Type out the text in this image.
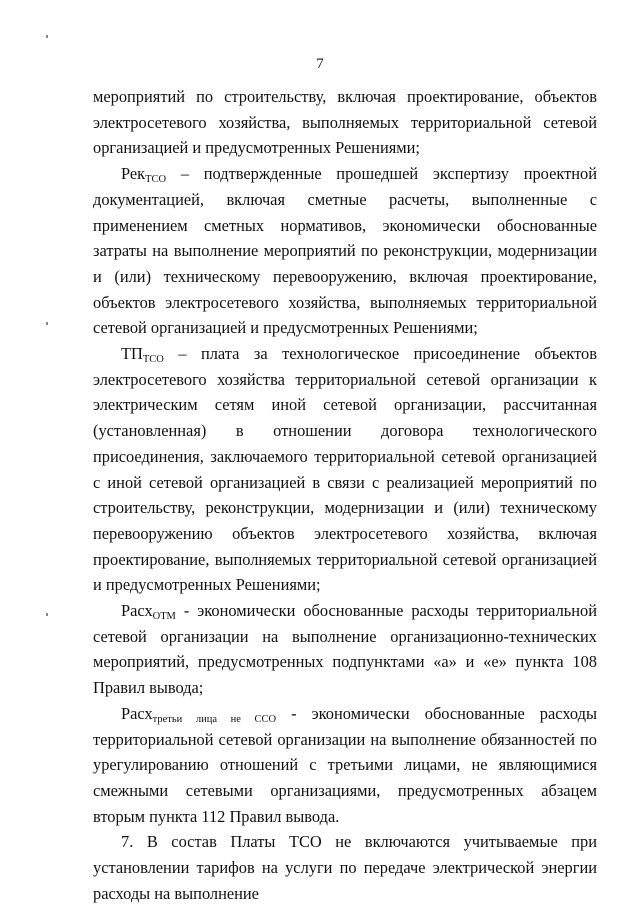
7

мероприятий по строительству, включая проектирование, объектов электросетевого хозяйства, выполняемых территориальной сетевой организацией и предусмотренных Решениями;

Рек$_{ТСО}$ – подтвержденные прошедшей экспертизу проектной документацией, включая сметные расчеты, выполненные с применением сметных нормативов, экономически обоснованные затраты на выполнение мероприятий по реконструкции, модернизации и (или) техническому перевооружению, включая проектирование, объектов электросетевого хозяйства, выполняемых территориальной сетевой организацией и предусмотренных Решениями;

$ТП_{ТСО}$ – плата за технологическое присоединение объектов электросетевого хозяйства территориальной сетевой организации к электрическим сетям иной сетевой организации, рассчитанная (установленная) в отношении договора технологического присоединения, заключаемого территориальной сетевой организацией с иной сетевой организацией в связи с реализацией мероприятий по строительству, реконструкции, модернизации и (или) техническому перевооружению объектов электросетевого хозяйства, включая проектирование, выполняемых территориальной сетевой организацией и предусмотренных Решениями;

Расх$_{ОТМ}$ - экономически обоснованные расходы территориальной сетевой организации на выполнение организационно-технических мероприятий, предусмотренных подпунктами «а» и «е» пункта 108 Правил вывода;

Расх$_{третьи лица не ССО}$ - экономически обоснованные расходы территориальной сетевой организации на выполнение обязанностей по урегулированию отношений с третьими лицами, не являющимися смежными сетевыми организациями, предусмотренных абзацем вторым пункта 112 Правил вывода.

7. В состав Платы ТСО не включаются учитываемые при установлении тарифов на услуги по передаче электрической энергии расходы на выполнение
